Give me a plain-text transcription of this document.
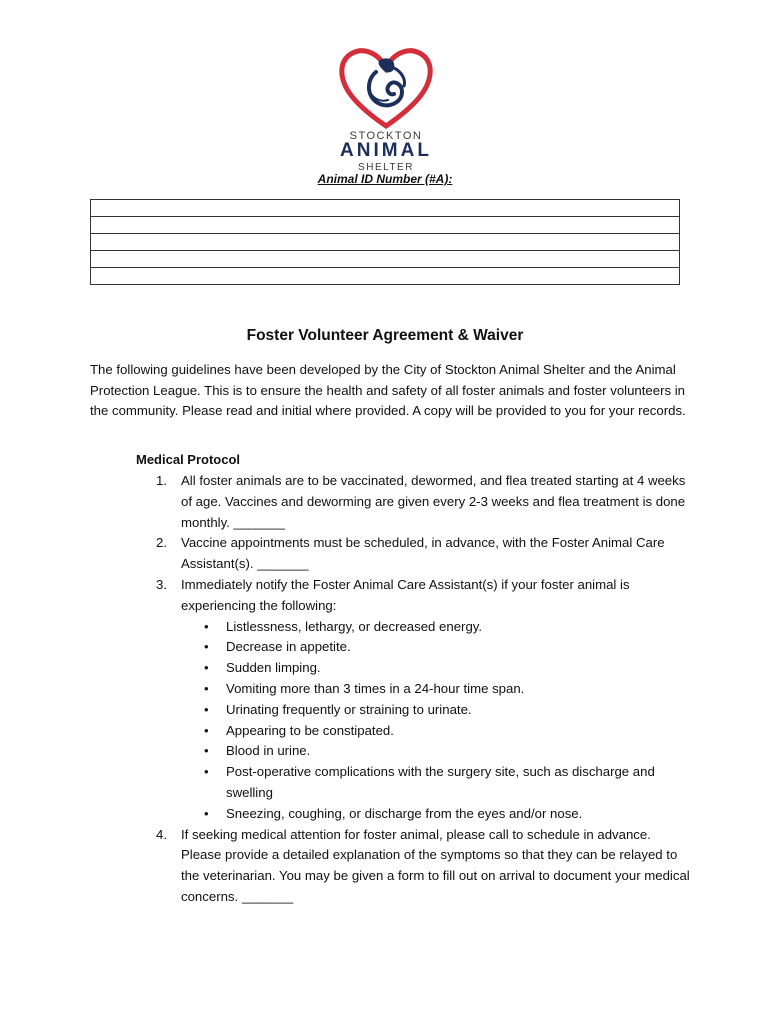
STOCKTON
ANIMAL
SHELTER
Animal ID Number (#A):

Foster Volunteer Agreement & Waiver

The following guidelines have been developed by the City of Stockton Animal Shelter and the Animal Protection League. This is to ensure the health and safety of all foster animals and foster volunteers in the community. Please read and initial where provided. A copy will be provided to you for your records.

Medical Protocol
1. All foster animals are to be vaccinated, dewormed, and flea treated starting at 4 weeks of age. Vaccines and deworming are given every 2-3 weeks and flea treatment is done monthly. _______
2. Vaccine appointments must be scheduled, in advance, with the Foster Animal Care Assistant(s). _______
3. Immediately notify the Foster Animal Care Assistant(s) if your foster animal is experiencing the following:
• Listlessness, lethargy, or decreased energy.
• Decrease in appetite.
• Sudden limping.
• Vomiting more than 3 times in a 24-hour time span.
• Urinating frequently or straining to urinate.
• Appearing to be constipated.
• Blood in urine.
• Post-operative complications with the surgery site, such as discharge and swelling
• Sneezing, coughing, or discharge from the eyes and/or nose.
4. If seeking medical attention for foster animal, please call to schedule in advance. Please provide a detailed explanation of the symptoms so that they can be relayed to the veterinarian. You may be given a form to fill out on arrival to document your medical concerns. _______
